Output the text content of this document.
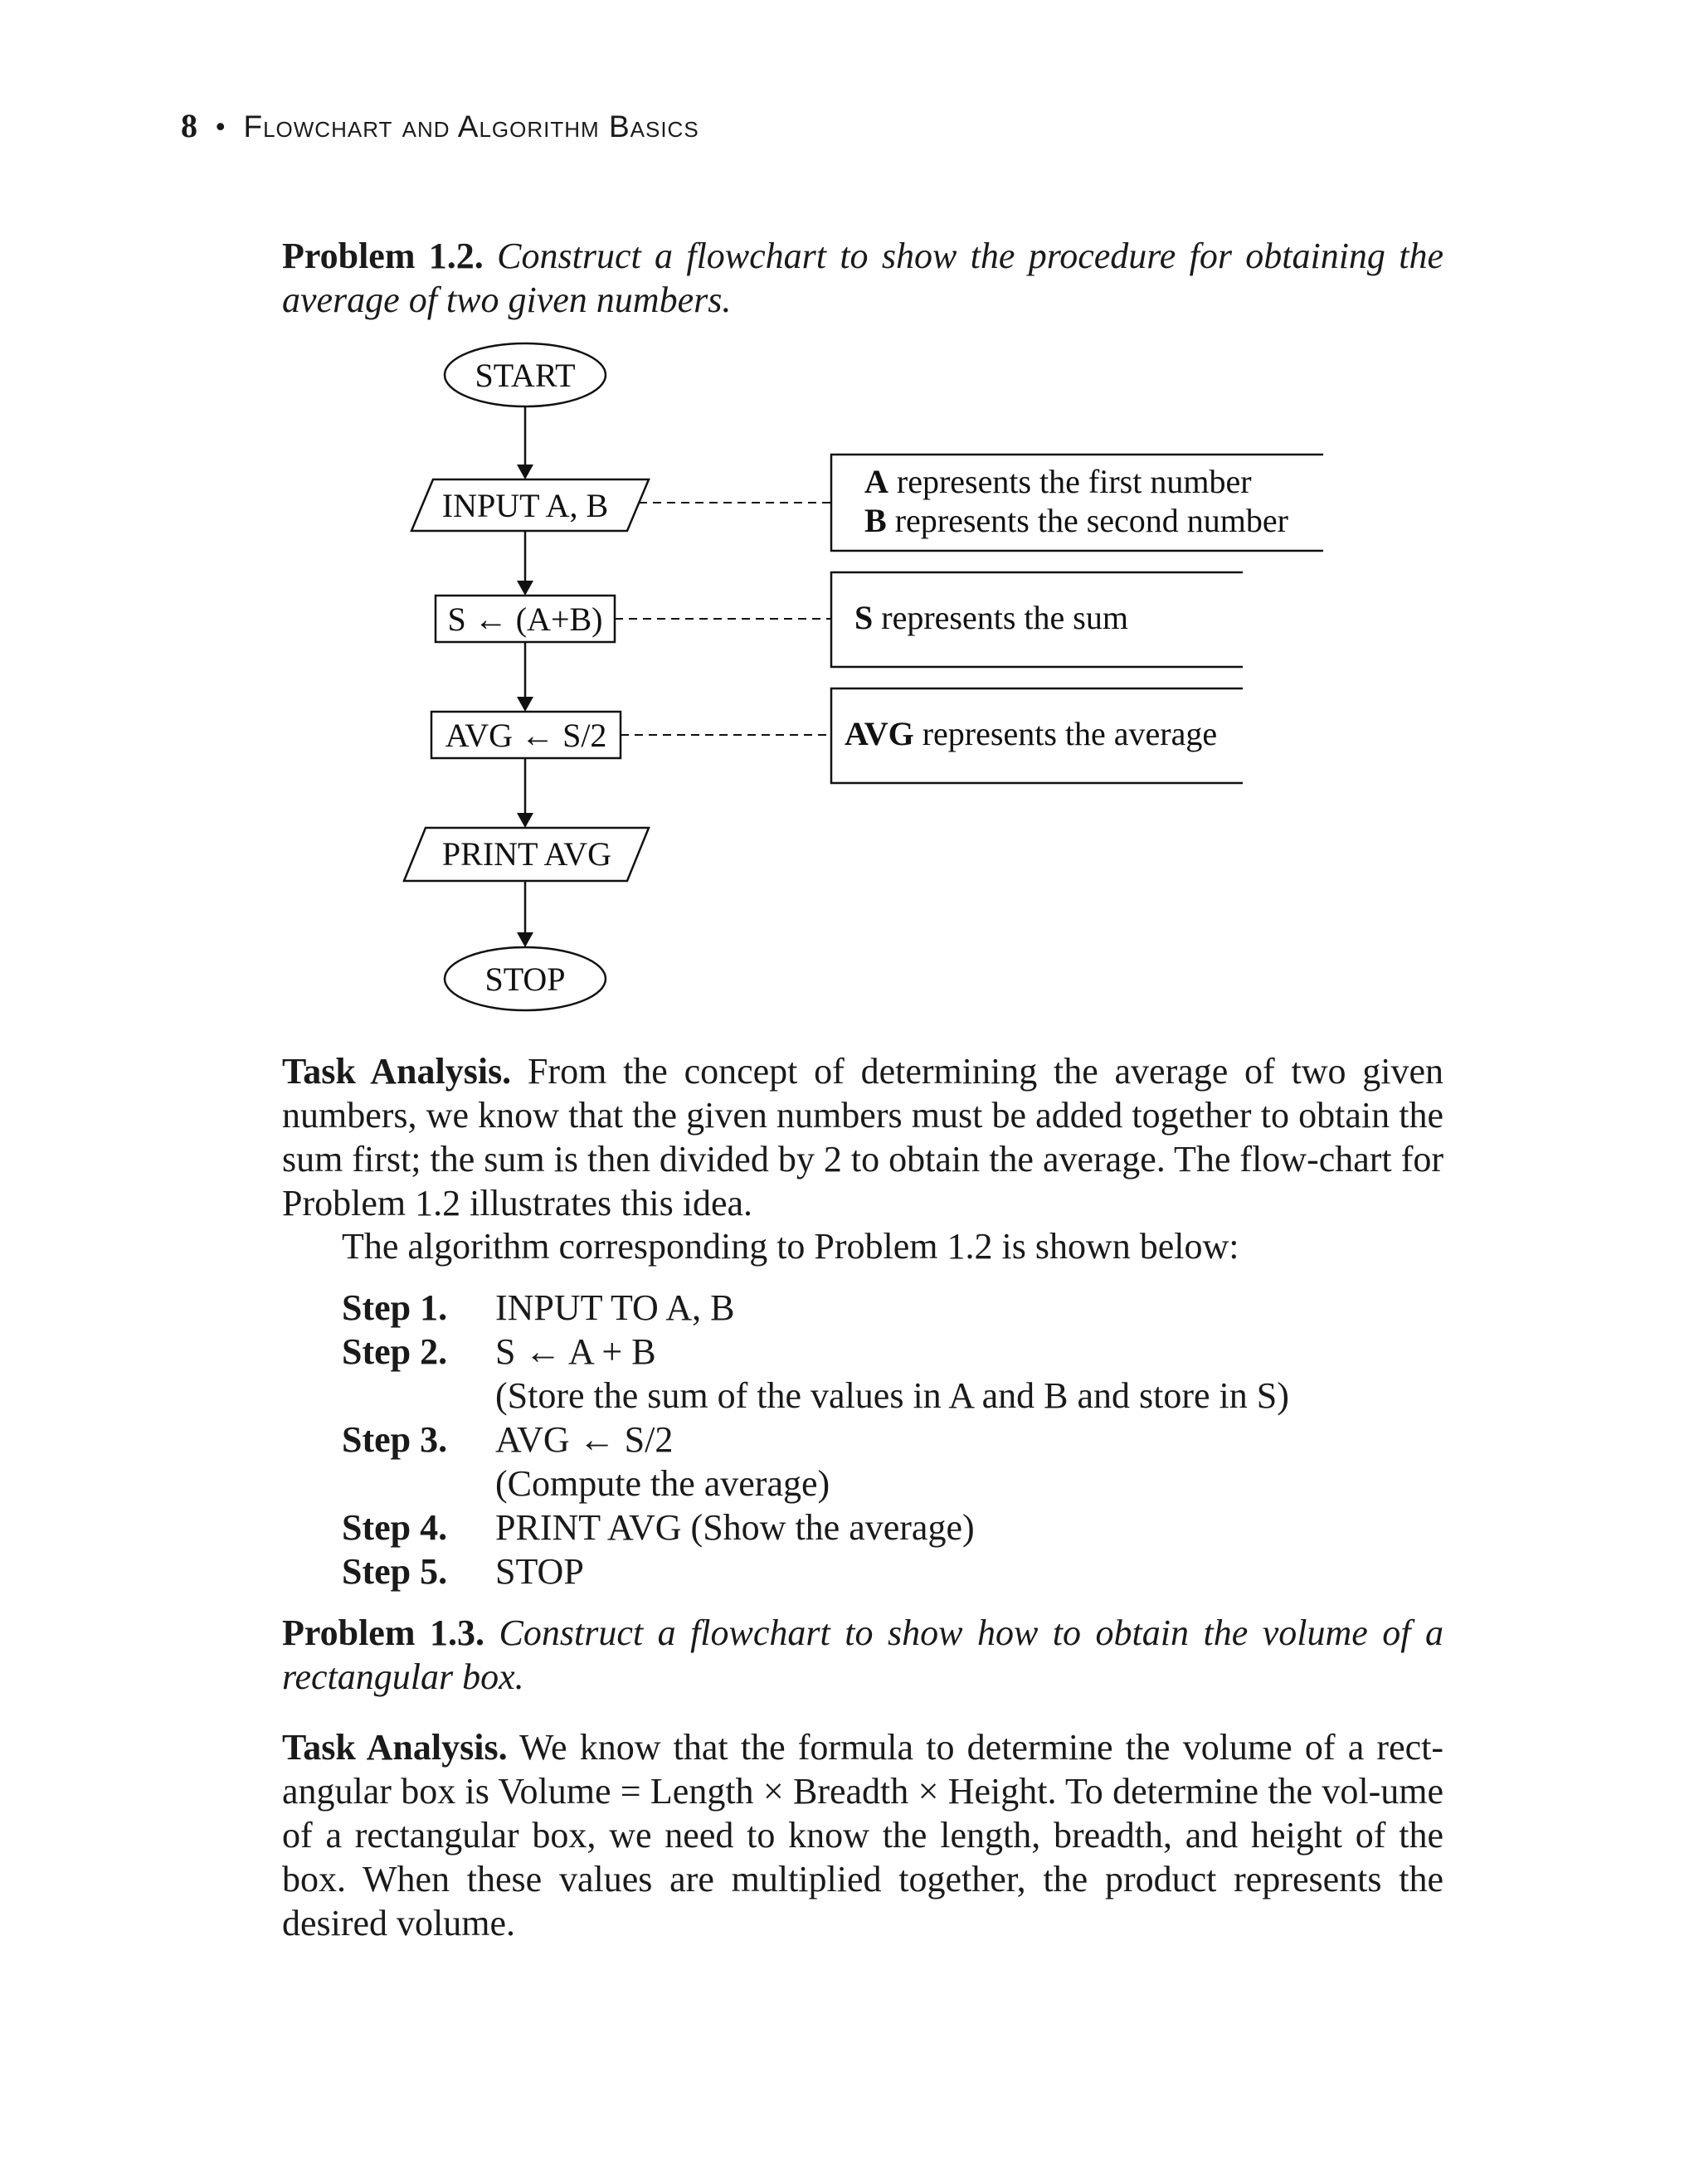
8 • Flowchart and Algorithm Basics
Problem 1.2. Construct a flowchart to show the procedure for obtaining the average of two given numbers.
START
INPUT A, B
A represents the first number
B represents the second number
S ← (A+B)	S represents the sum
AVG ← S/2	AVG represents the average
PRINT AVG
STOP
Task Analysis. From the concept of determining the average of two given numbers, we know that the given numbers must be added together to obtain the sum first; the sum is then divided by 2 to obtain the average. The flow-chart for Problem 1.2 illustrates this idea.
The algorithm corresponding to Problem 1.2 is shown below:
Step 1.	INPUT TO A, B
Step 2.	S ← A + B
(Store the sum of the values in A and B and store in S)
Step 3.	AVG ← S/2
(Compute the average)
Step 4.	PRINT AVG (Show the average)
Step 5.	STOP
Problem 1.3. Construct a flowchart to show how to obtain the volume of a rectangular box.
Task Analysis. We know that the formula to determine the volume of a rect-angular box is Volume = Length × Breadth × Height. To determine the vol-ume of a rectangular box, we need to know the length, breadth, and height of the box. When these values are multiplied together, the product represents the desired volume.
